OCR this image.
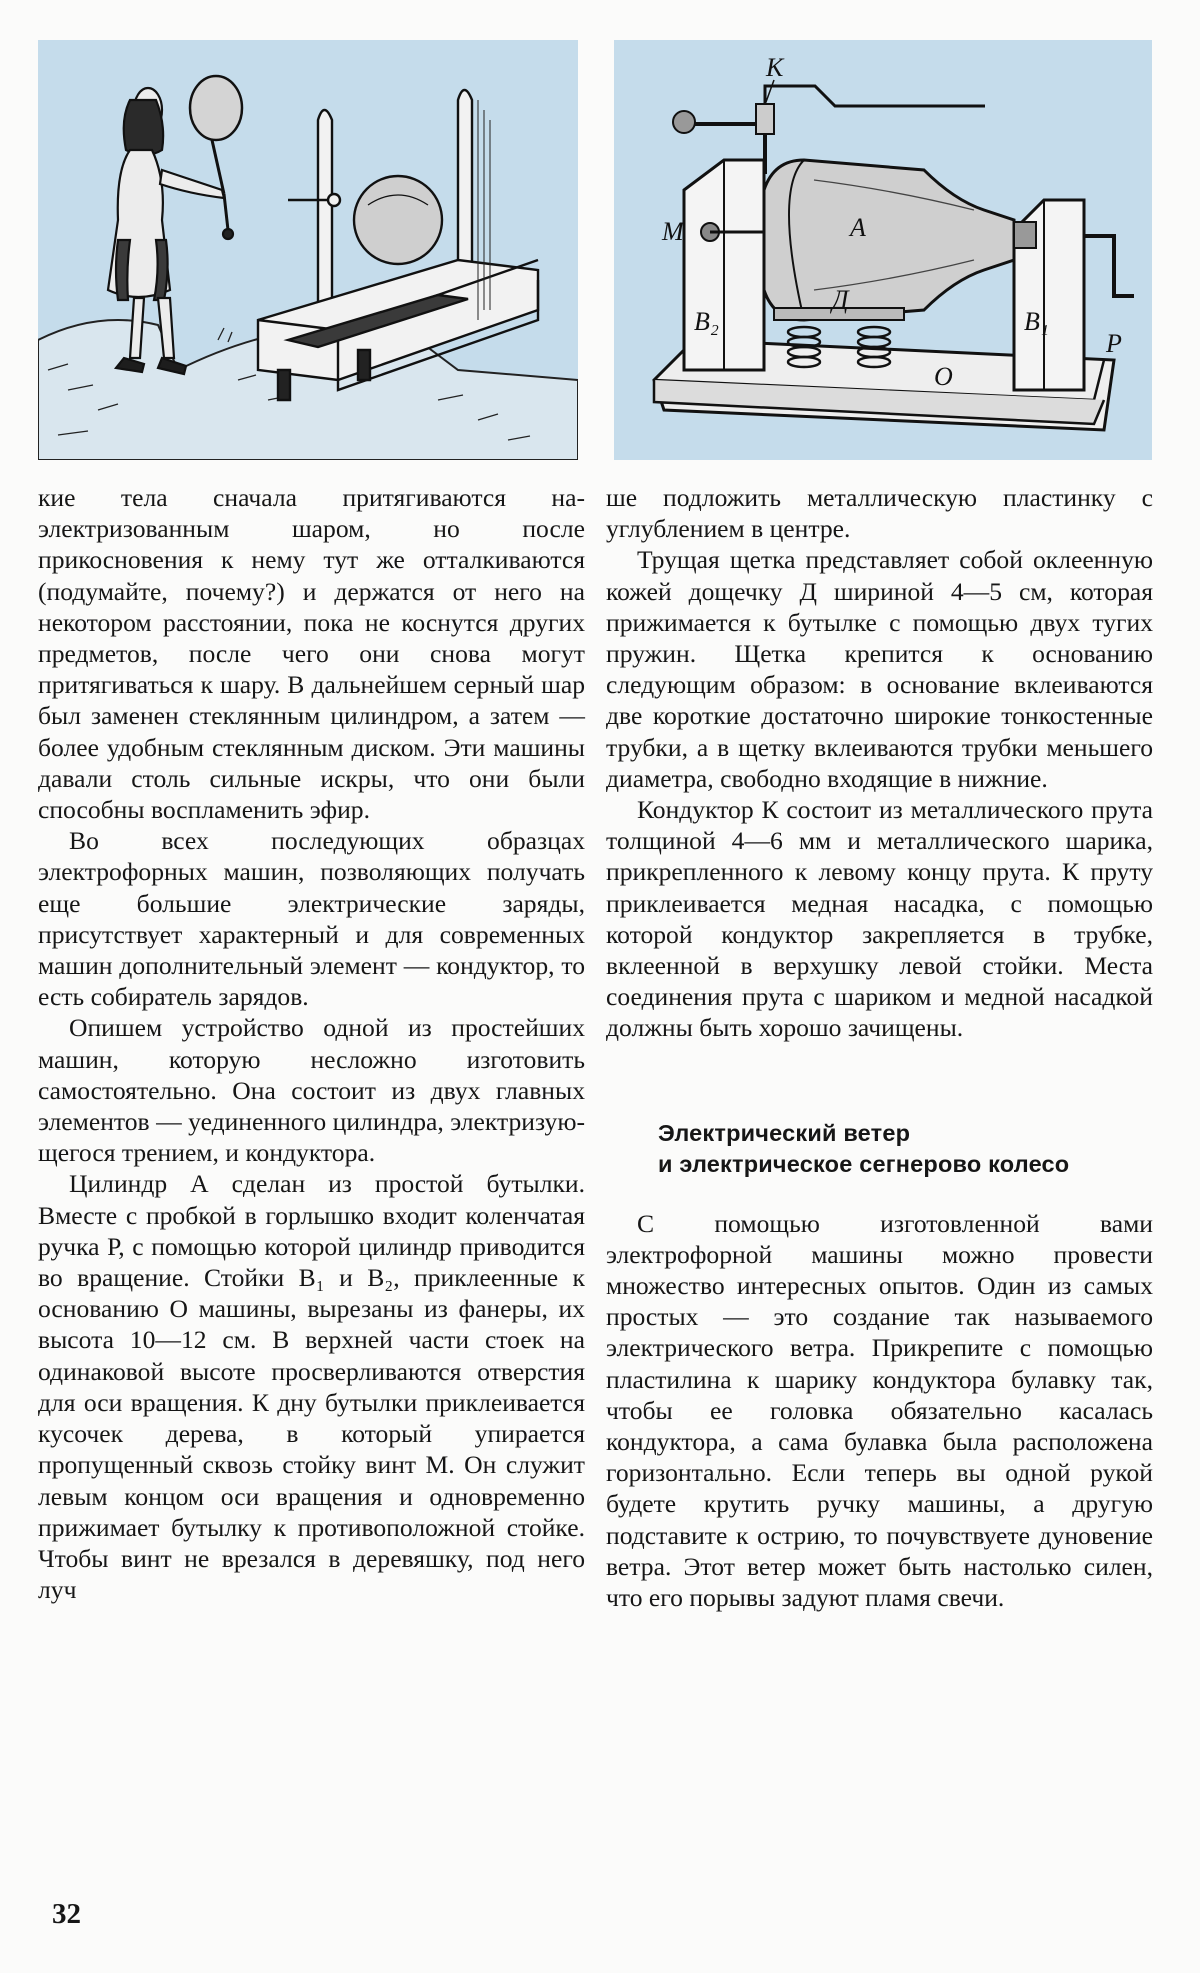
К
М	А
Д
B₂	B₁
О
P

кие тела сначала притягиваются наэлектризованным шаром, но после прикосновения к нему тут же отталкиваются (подумайте, почему?) и держатся от него на некотором расстоянии, пока не коснутся других предметов, после чего они снова могут притягиваться к шару. В дальнейшем серный шар был заменен стеклянным цилиндром, а затем — более удобным стеклянным диском. Эти машины давали столь сильные искры, что они были способны воспламенить эфир.

Во всех последующих образцах электрофорных машин, позволяющих получать еще большие электрические заряды, присутствует характерный и для современных машин дополнительный элемент — кондуктор, то есть собиратель зарядов.

Опишем устройство одной из простейших машин, которую несложно изготовить самостоятельно. Она состоит из двух главных элементов — уединенного цилиндра, электризующегося трением, и кондуктора.

Цилиндр А сделан из простой бутылки. Вместе с пробкой в горлышко входит коленчатая ручка Р, с помощью которой цилиндр приводится во вращение. Стойки B₁ и B₂, приклеенные к основанию О машины, вырезаны из фанеры, их высота 10—12 см. В верхней части стоек на одинаковой высоте просверливаются отверстия для оси вращения. К дну бутылки приклеивается кусочек дерева, в который упирается пропущенный сквозь стойку винт М. Он служит левым концом оси вращения и одновременно прижимает бутылку к противоположной стойке. Чтобы винт не врезался в деревяшку, под него луч

ше подложить металлическую пластинку с углублением в центре.

Трущая щетка представляет собой оклеенную кожей дощечку Д шириной 4—5 см, которая прижимается к бутылке с помощью двух тугих пружин. Щетка крепится к основанию следующим образом: в основание вклеиваются две короткие достаточно широкие тонкостенные трубки, а в щетку вклеиваются трубки меньшего диаметра, свободно входящие в нижние.

Кондуктор К состоит из металлического прута толщиной 4—6 мм и металлического шарика, прикрепленного к левому концу прута. К пруту приклеивается медная насадка, с помощью которой кондуктор закрепляется в трубке, вклеенной в верхушку левой стойки. Места соединения прута с шариком и медной насадкой должны быть хорошо зачищены.

Электрический ветер

и электрическое сегнерово колесо

С помощью изготовленной вами электрофорной машины можно провести множество интересных опытов. Один из самых простых — это создание так называемого электрического ветра. Прикрепите с помощью пластилина к шарику кондуктора булавку так, чтобы ее головка обязательно касалась кондуктора, а сама булавка была расположена горизонтально. Если теперь вы одной рукой будете крутить ручку машины, а другую подставите к острию, то почувствуете дуновение ветра. Этот ветер может быть настолько силен, что его порывы задуют пламя свечи.

32
